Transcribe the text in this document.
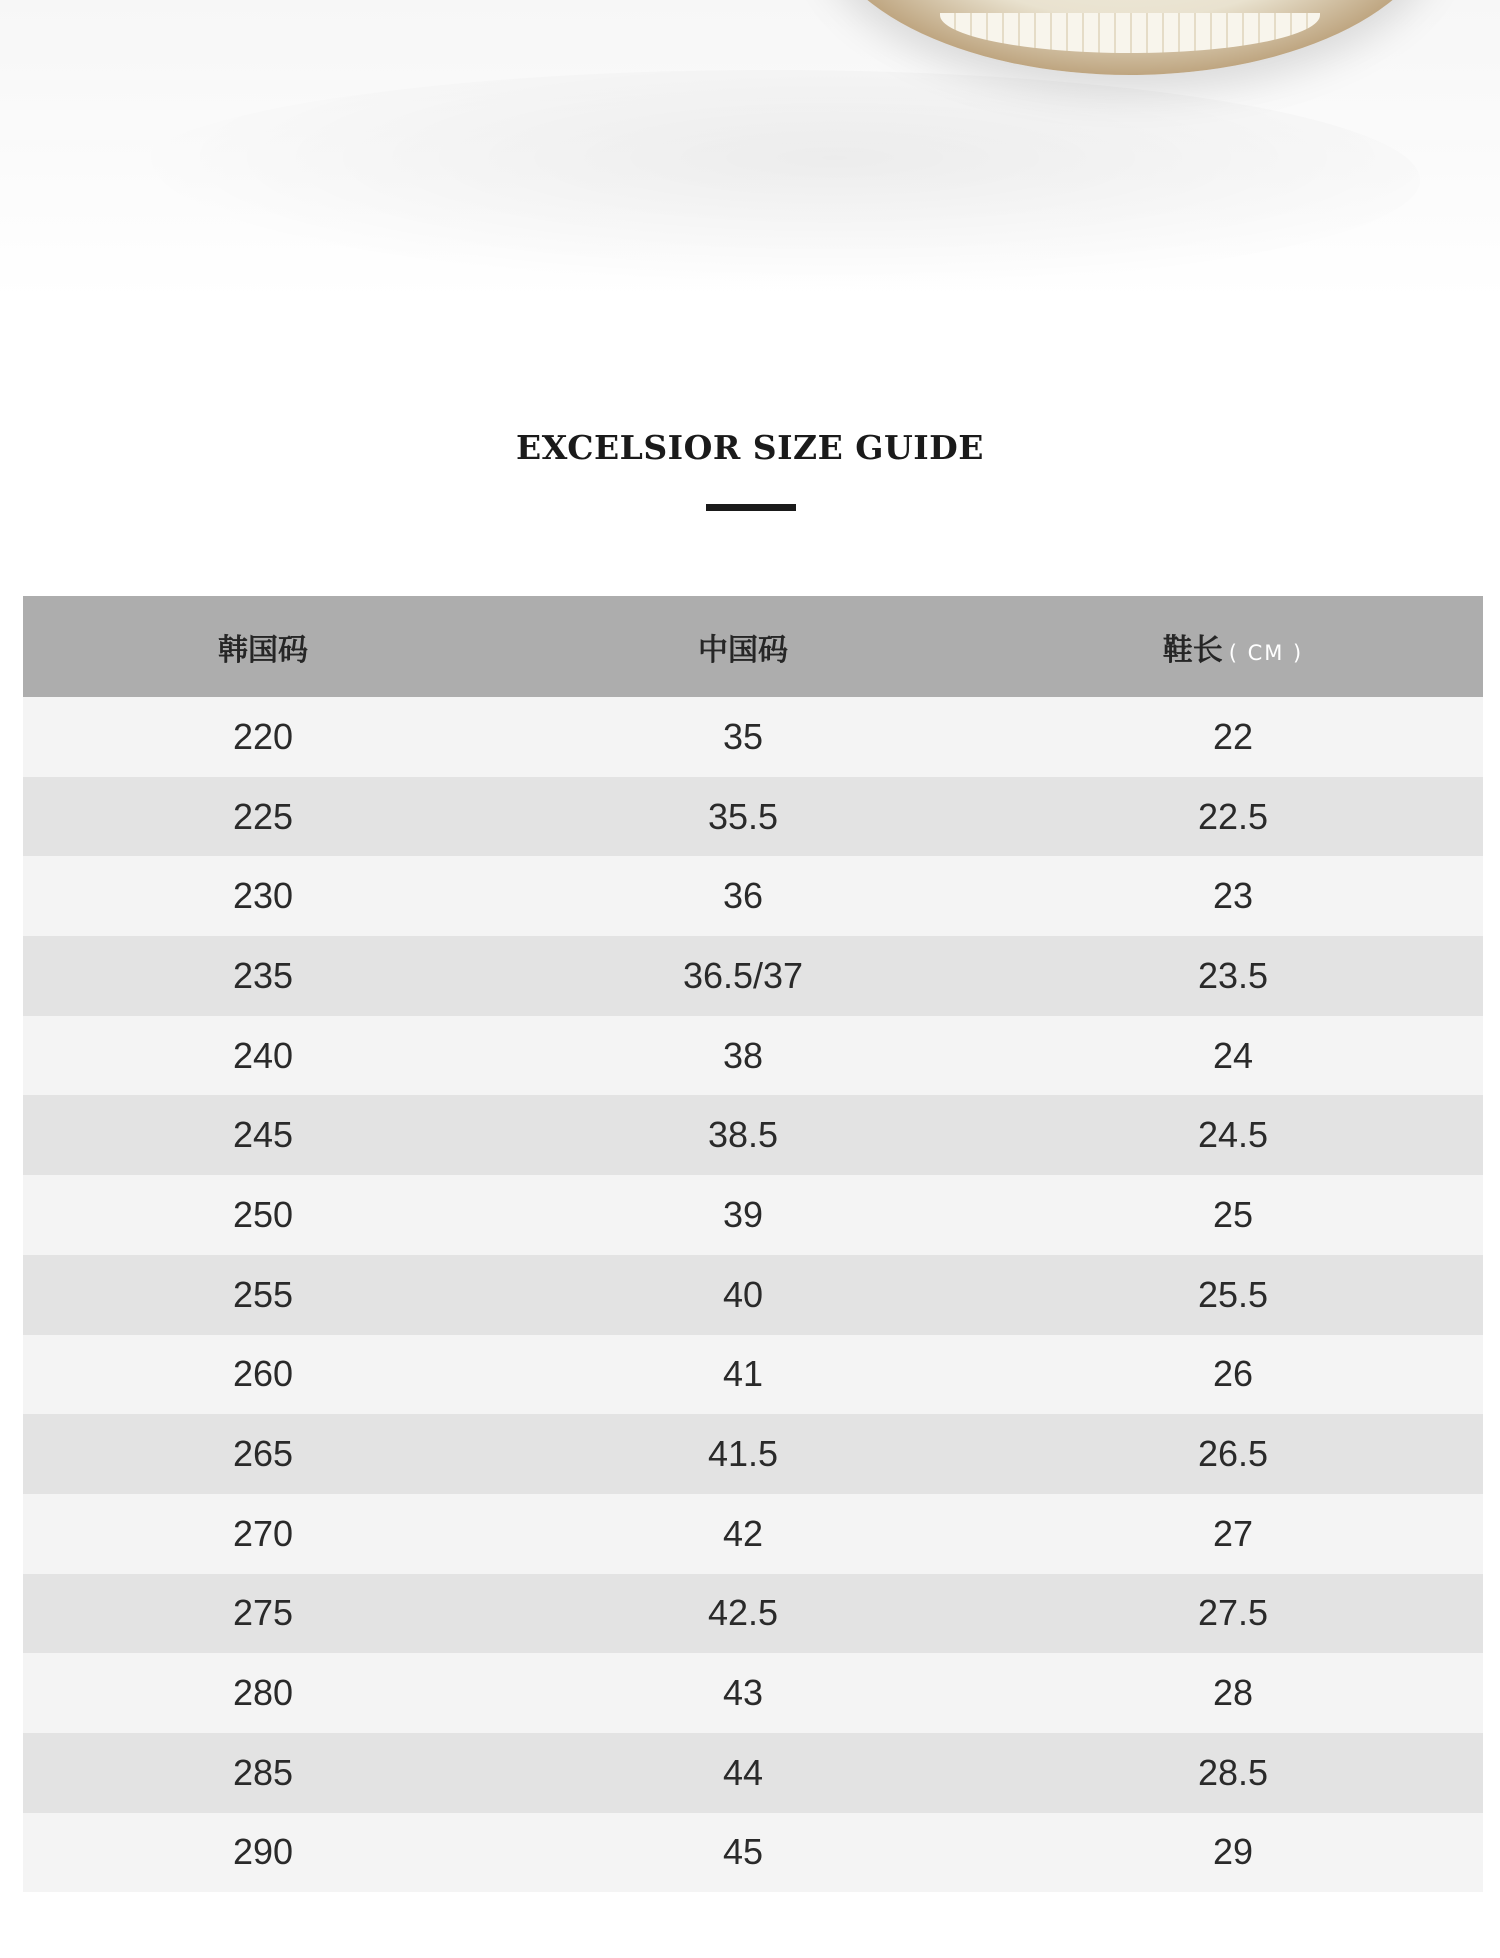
EXCELSIOR SIZE GUIDE
韩国码	中国码	鞋长 ( CM )
220	35	22
225	35.5	22.5
230	36	23
235	36.5/37	23.5
240	38	24
245	38.5	24.5
250	39	25
255	40	25.5
260	41	26
265	41.5	26.5
270	42	27
275	42.5	27.5
280	43	28
285	44	28.5
290	45	29
